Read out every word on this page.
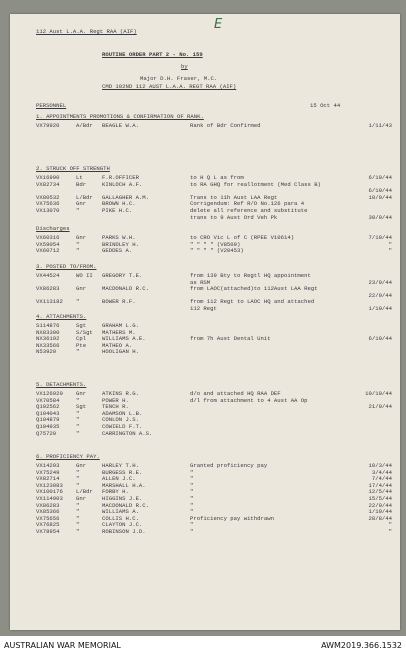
112 Aust L.A.A. Regt RAA (AIF)	E
ROUTINE ORDER PART 2 - No. 159
by
Major D.H. Fraser, M.C.
CMD 102ND 112 AUST L.A.A. REGT RAA (AIF)
PERSONNEL	15 Oct 44
1. APPOINTMENTS PROMOTIONS & CONFIRMATION OF RANK.
VX79920	A/Bdr BEAGLE W.A.	Rank of Bdr Confirmed	1/11/43
2. STRUCK OFF STRENGTH
VX16990	Lt	F.R.OFFICER	to H Q L as from	6/10/44
VX82734	Bdr	KINLOCH A.F.	to RA GHQ for reallotment (Med Class B)
6/10/44
VX80532	L/Bdr GALLAGHER A.M.	Trans to 11h Aust LAA Regt	10/9/44
VX75636	Gnr	BROWN H.C.	Corrigendum: Ref R/O No.126 para 4
VX13070	"	PIKE H.C.	delete all reference and substitute
trans to 9 Aust Ord Veh Pk	30/9/44
Discharges
VX60316	Gnr	PARKS W.H.	to CRO Vic L of C (RPEE V10614)	7/10/44
VX59054	"	BRINDLEY H.	" " " " (V8509)	"
VX60712	"	GEDDES A.	" " " " (V20453)	"
3. POSTED TO/FROM.
VX44524	WO II GREGORY T.E.	from 139 Bty to Regtl HQ appointment
as RSM	23/9/44
VX86283	Gnr	MACDONALD R.C.	from LAOC(attached)to 112Aust LAA Regt
22/9/44
VX113182 "	BOWER R.F.	from 112 Regt to LAOC HQ and attached
112 Regt	1/10/44
4. ATTACHMENTS.
S114876	Sgt	GRAHAM L.G.
NX83300	S/Sgt MATHERS M.
NX36192	Cpl	WILLIAMS A.E.	from 7h Aust Dental Unit	6/10/44
NX33566	Pte	MATHEO A.
N53920	"	HOOLIGAN H.
5. DETACHMENTS.
VX126920 Gnr	ATKINS R.G.	d/o and attached HQ RAA DEF	10/10/44
VX70584	"	POWER H.	d/l from attachment to 4 Aust AA Op
Q102562	Sgt	TENCH R.	21/9/44
Q104043	"	ADAMSON L.B.
Q104879	"	CONLON J.S.
Q104935	"	COWIELD F.T.
Q75720	"	CARRINGTON A.S.
6. PROFICIENCY PAY.
VX14293	Gnr	HARLEY T.H.	Granted proficiency pay	10/3/44
VX75249	"	BURGESS R.E.	"	3/4/44
VX82714	"	ALLEN J.C.	"	7/4/44
VX123083 "	MARSHALL H.A.	"	17/4/44
VX100176 L/Bdr FORBY H.	"	12/5/44
VX114903 Gnr	HIGGINS J.E.	"	15/5/44
VX86283	"	MACDONALD R.C.	"	22/9/44
VX85366	"	WILLIAMS A.	"	1/10/44
VX75656	"	COLLIS H.C.	Proficiency pay withdrawn	28/8/44
VX76825	"	CLAYTON J.C.	"	"
VX78954	"	ROBINSON J.D.	"	"
AUSTRALIAN WAR MEMORIAL	AWM2019.366.1532
